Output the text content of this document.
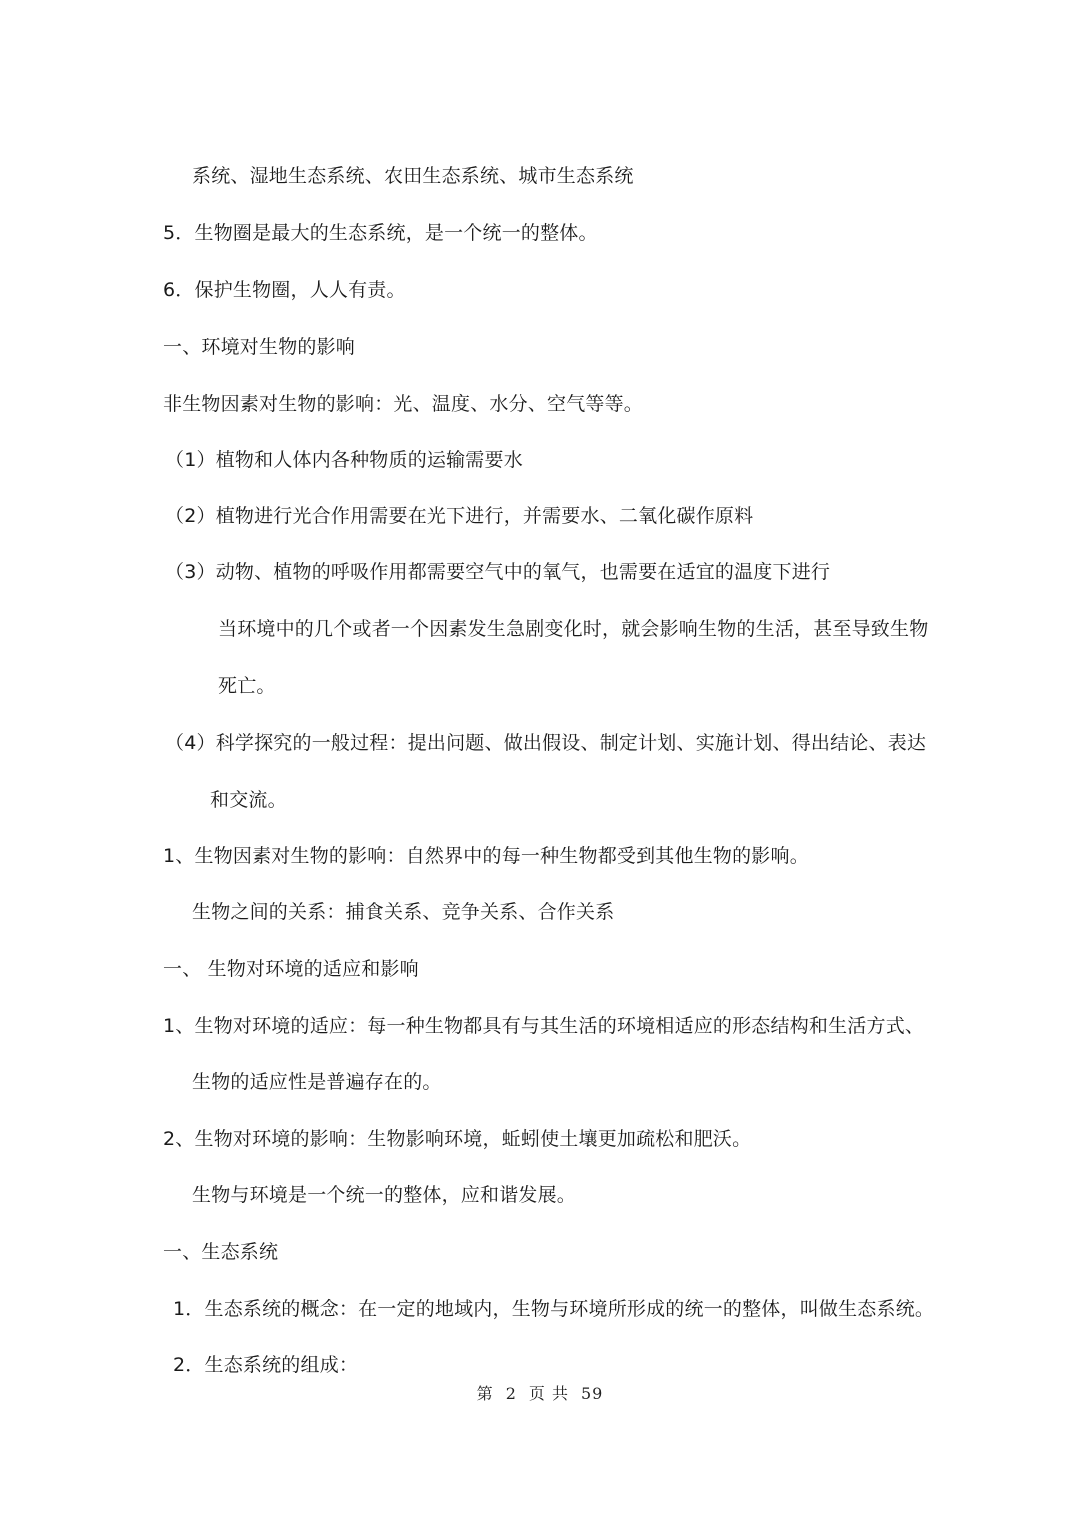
系统、湿地生态系统、农田生态系统、城市生态系统
5．生物圈是最大的生态系统，是一个统一的整体。
6．保护生物圈，人人有责。
一、环境对生物的影响
非生物因素对生物的影响：光、温度、水分、空气等等。
（1）植物和人体内各种物质的运输需要水
（2）植物进行光合作用需要在光下进行，并需要水、二氧化碳作原料
（3）动物、植物的呼吸作用都需要空气中的氧气，也需要在适宜的温度下进行
当环境中的几个或者一个因素发生急剧变化时，就会影响生物的生活，甚至导致生物
死亡。
（4）科学探究的一般过程：提出问题、做出假设、制定计划、实施计划、得出结论、表达
和交流。
1、生物因素对生物的影响：自然界中的每一种生物都受到其他生物的影响。
生物之间的关系：捕食关系、竞争关系、合作关系
一、 生物对环境的适应和影响
1、生物对环境的适应：每一种生物都具有与其生活的环境相适应的形态结构和生活方式、
生物的适应性是普遍存在的。
2、生物对环境的影响：生物影响环境，蚯蚓使土壤更加疏松和肥沃。
生物与环境是一个统一的整体，应和谐发展。
一、生态系统
1．生态系统的概念：在一定的地域内，生物与环境所形成的统一的整体，叫做生态系统。
2．生态系统的组成：
第 2 页 共 59
